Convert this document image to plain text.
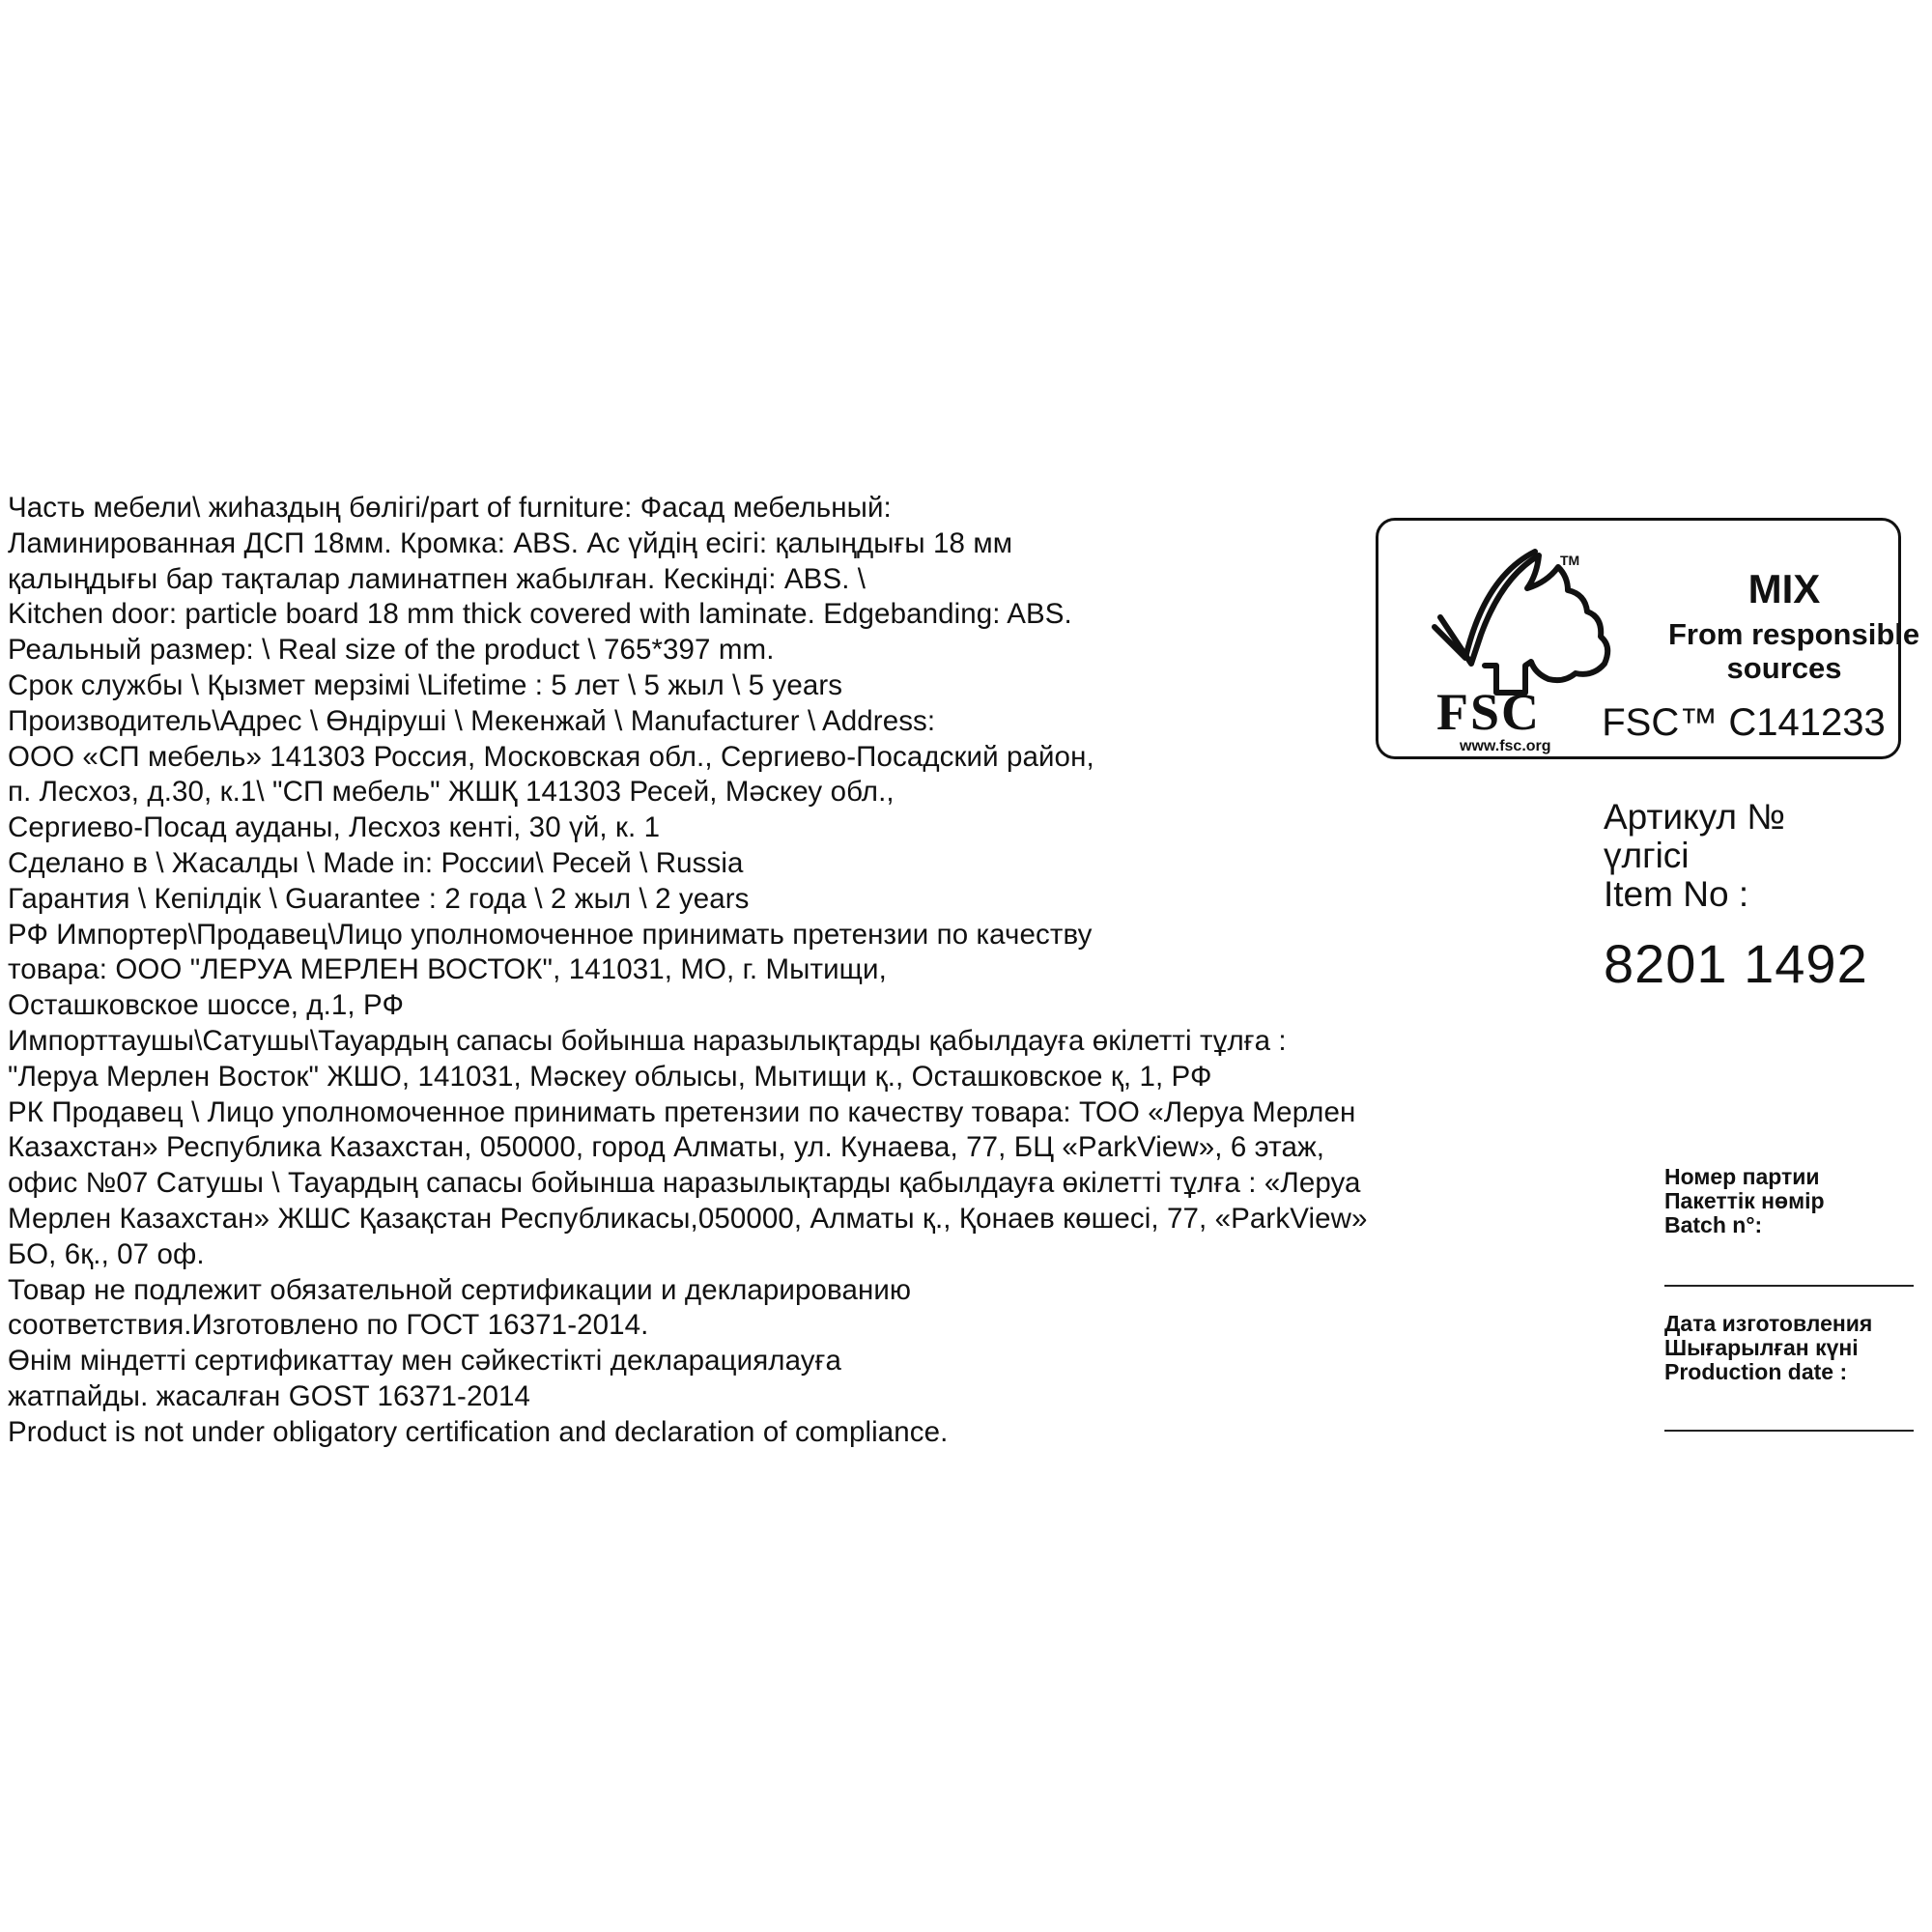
Часть мебели\ жиһаздың бөлігі/part of furniture: Фасад мебельный:
Ламинированная ДСП 18мм. Кромка: ABS. Ас үйдің есігі: қалыңдығы 18 мм
қалыңдығы бар тақталар ламинатпен жабылған. Кескінді: ABS. \
Kitchen door: particle board 18 mm thick covered with laminate. Edgebanding: ABS.
Реальный размер: \ Real size of the product \ 765*397 mm.
Срок службы \ Қызмет мерзімі \Lifetime : 5 лет \ 5 жыл \ 5 years
Производитель\Адрес \ Өндіруші \ Мекенжай \ Manufacturer \ Address:
ООО «СП мебель» 141303 Россия, Московская обл., Сергиево-Посадский район,
п. Лесхоз, д.30, к.1\ "СП мебель" ЖШҚ 141303 Ресей, Мәскеу обл.,
Сергиево-Посад ауданы, Лесхоз кенті, 30 үй, к. 1
Сделано в \ Жасалды \ Made in: России\ Ресей \ Russia
Гарантия \ Кепілдік \ Guarantee : 2 года \ 2 жыл \ 2 years
РФ Импортер\Продавец\Лицо уполномоченное принимать претензии по качеству
товара: ООО "ЛЕРУА МЕРЛЕН ВОСТОК", 141031, МО, г. Мытищи,
Осташковское шоссе, д.1, РФ
Импорттаушы\Сатушы\Тауардың сапасы бойынша наразылықтарды қабылдауға өкілетті тұлға :
"Леруа Мерлен Восток" ЖШО, 141031, Мәскеу облысы, Мытищи қ., Осташковское қ, 1, РФ
РК Продавец \ Лицо уполномоченное принимать претензии по качеству товара: ТОО «Леруа Мерлен
Казахстан» Республика Казахстан, 050000, город Алматы, ул. Кунаева, 77, БЦ «ParkView», 6 этаж,
офис №07 Сатушы \ Тауардың сапасы бойынша наразылықтарды қабылдауға өкілетті тұлға : «Леруа
Мерлен Казахстан» ЖШС Қазақстан Республикасы,050000, Алматы қ., Қонаев көшесі, 77, «ParkView»
БО, 6қ., 07 оф.
Товар не подлежит обязательной сертификации и декларированию
соответствия.Изготовлено по ГОСТ 16371-2014.
Өнім міндетті сертификаттау мен сәйкестікті декларациялауға
жатпайды. жасалған GOST 16371-2014
Product is not under obligatory certification and declaration of compliance.
TM
FSC
www.fsc.org
MIX
From responsible
sources
FSC™ C141233
Артикул №
үлгісі
Item No :
8201 1492
Номер партии
Пакеттік нөмір
Batch n°:
Дата изготовления
Шығарылған күні
Production date :
